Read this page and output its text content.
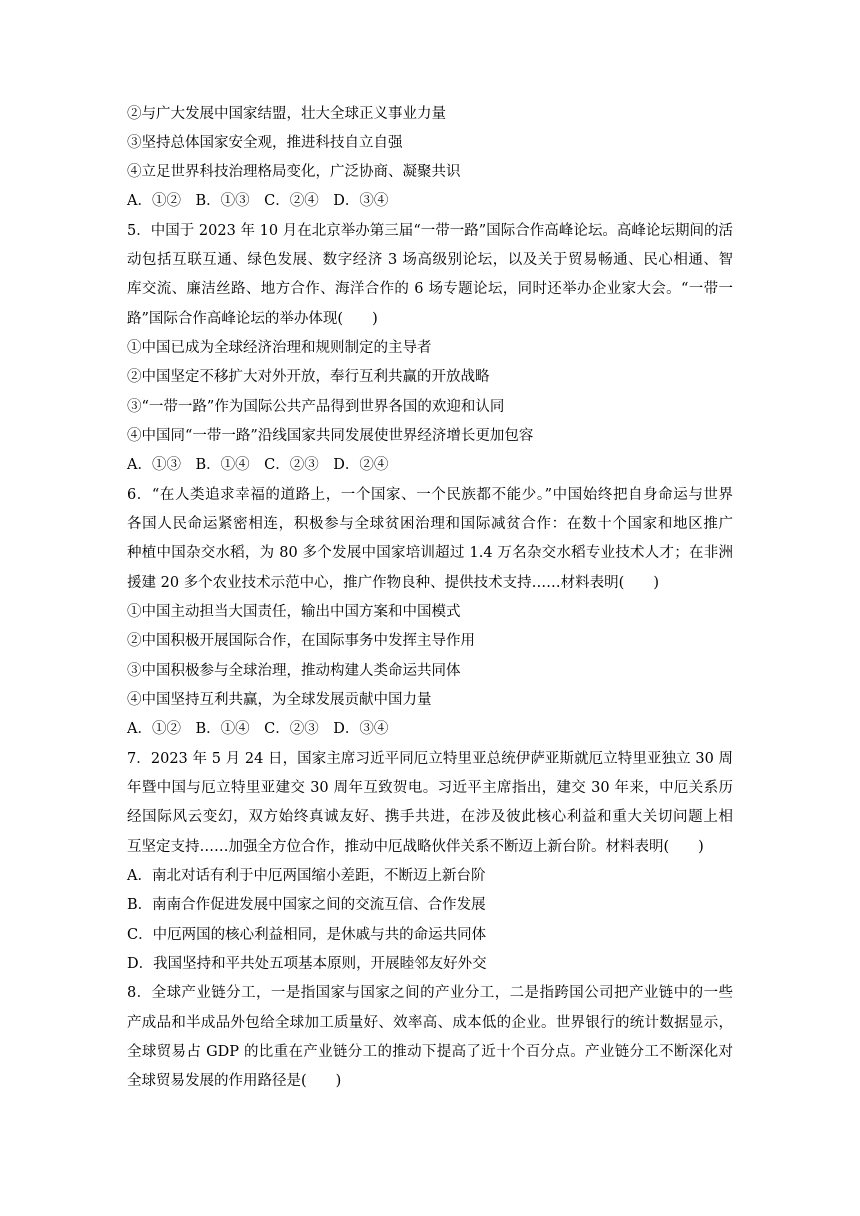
②与广大发展中国家结盟，壮大全球正义事业力量
③坚持总体国家安全观，推进科技自立自强
④立足世界科技治理格局变化，广泛协商、凝聚共识
A．①②　B．①③　C．②④　D．③④
5．中国于 2023 年 10 月在北京举办第三届“一带一路”国际合作高峰论坛。高峰论坛期间的活
动包括互联互通、绿色发展、数字经济 3 场高级别论坛，以及关于贸易畅通、民心相通、智
库交流、廉洁丝路、地方合作、海洋合作的 6 场专题论坛，同时还举办企业家大会。“一带一
路”国际合作高峰论坛的举办体现(　　)
①中国已成为全球经济治理和规则制定的主导者
②中国坚定不移扩大对外开放，奉行互利共赢的开放战略
③“一带一路”作为国际公共产品得到世界各国的欢迎和认同
④中国同“一带一路”沿线国家共同发展使世界经济增长更加包容
A．①③　B．①④　C．②③　D．②④
6．“在人类追求幸福的道路上，一个国家、一个民族都不能少。”中国始终把自身命运与世界
各国人民命运紧密相连，积极参与全球贫困治理和国际减贫合作：在数十个国家和地区推广
种植中国杂交水稻，为 80 多个发展中国家培训超过 1.4 万名杂交水稻专业技术人才；在非洲
援建 20 多个农业技术示范中心，推广作物良种、提供技术支持……材料表明(　　)
①中国主动担当大国责任，输出中国方案和中国模式
②中国积极开展国际合作，在国际事务中发挥主导作用
③中国积极参与全球治理，推动构建人类命运共同体
④中国坚持互利共赢，为全球发展贡献中国力量
A．①②　B．①④　C．②③　D．③④
7．2023 年 5 月 24 日，国家主席习近平同厄立特里亚总统伊萨亚斯就厄立特里亚独立 30 周
年暨中国与厄立特里亚建交 30 周年互致贺电。习近平主席指出，建交 30 年来，中厄关系历
经国际风云变幻，双方始终真诚友好、携手共进，在涉及彼此核心利益和重大关切问题上相
互坚定支持……加强全方位合作，推动中厄战略伙伴关系不断迈上新台阶。材料表明(　　)
A．南北对话有利于中厄两国缩小差距，不断迈上新台阶
B．南南合作促进发展中国家之间的交流互信、合作发展
C．中厄两国的核心利益相同，是休戚与共的命运共同体
D．我国坚持和平共处五项基本原则，开展睦邻友好外交
8．全球产业链分工，一是指国家与国家之间的产业分工，二是指跨国公司把产业链中的一些
产成品和半成品外包给全球加工质量好、效率高、成本低的企业。世界银行的统计数据显示，
全球贸易占 GDP 的比重在产业链分工的推动下提高了近十个百分点。产业链分工不断深化对
全球贸易发展的作用路径是(　　)
